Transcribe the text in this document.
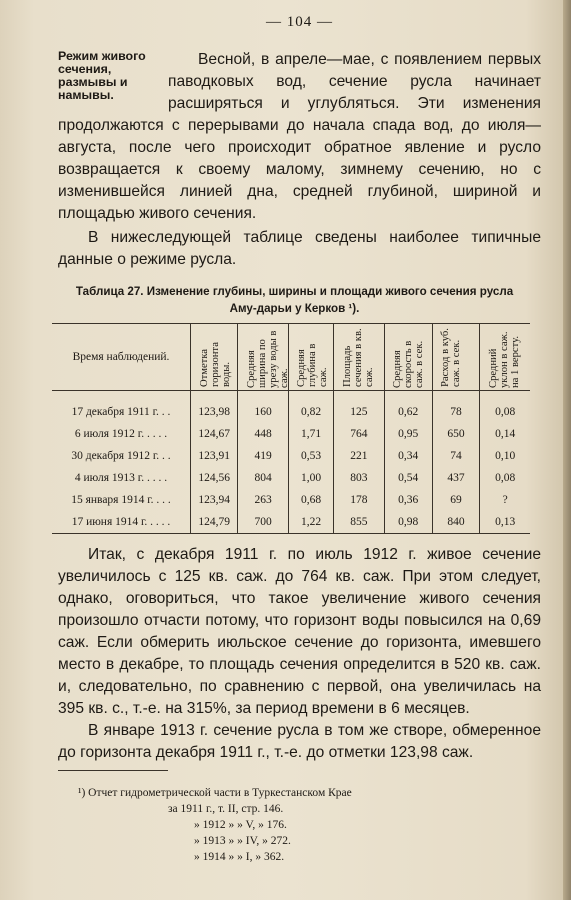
— 104 —
Режим живого сечения, размывы и намывы.

Весной, в апреле—мае, с появлением первых паводковых вод, сечение русла начинает расширяться и углубляться. Эти изменения продолжаются с перерывами до начала спада вод, до июля—августа, после чего происходит обратное явление и русло возвращается к своему малому, зимнему сечению, но с изменившейся линией дна, средней глубиной, шириной и площадью живого сечения.

В нижеследующей таблице сведены наиболее типичные данные о режиме русла.

Таблица 27. Изменение глубины, ширины и площади живого сечения русла
Аму-дарьи у Керков ¹).
Время наблюдений.	Отметка горизонта воды.	Средняя ширина по урезу воды в саж.	Средняя глубина в саж.	Площадь сечения в кв. саж.	Средняя скорость в саж. в сек.	Расход в куб. саж. в сек.	Средний уклон в саж. на 1 версту.

17 декабря 1911 г. . .	123,98	160	0,82	125	0,62	78	0,08
6 июля 1912 г. . . . .	124,67	448	1,71	764	0,95	650	0,14
30 декабря 1912 г. . .	123,91	419	0,53	221	0,34	74	0,10
4 июля 1913 г. . . . .	124,56	804	1,00	803	0,54	437	0,08
15 января 1914 г. . . .	123,94	263	0,68	178	0,36	69	?
17 июня 1914 г. . . . .	124,79	700	1,22	855	0,98	840	0,13

Итак, с декабря 1911 г. по июль 1912 г. живое сечение увеличилось с 125 кв. саж. до 764 кв. саж. При этом следует, однако, оговориться, что такое увеличение живого сечения произошло отчасти потому, что горизонт воды повысился на 0,69 саж. Если обмерить июльское сечение до горизонта, имевшего место в декабре, то площадь сечения определится в 520 кв. саж. и, следовательно, по сравнению с первой, она увеличилась на 395 кв. с., т.-е. на 315%, за период времени в 6 месяцев.

В январе 1913 г. сечение русла в том же створе, обмеренное до горизонта декабря 1911 г., т.-е. до отметки 123,98 саж.

¹) Отчет гидрометрической части в Туркестанском Крае
за 1911 г., т. II, стр. 146.
» 1912 » » V, » 176.
» 1913 » » IV, » 272.
» 1914 » » I, » 362.
